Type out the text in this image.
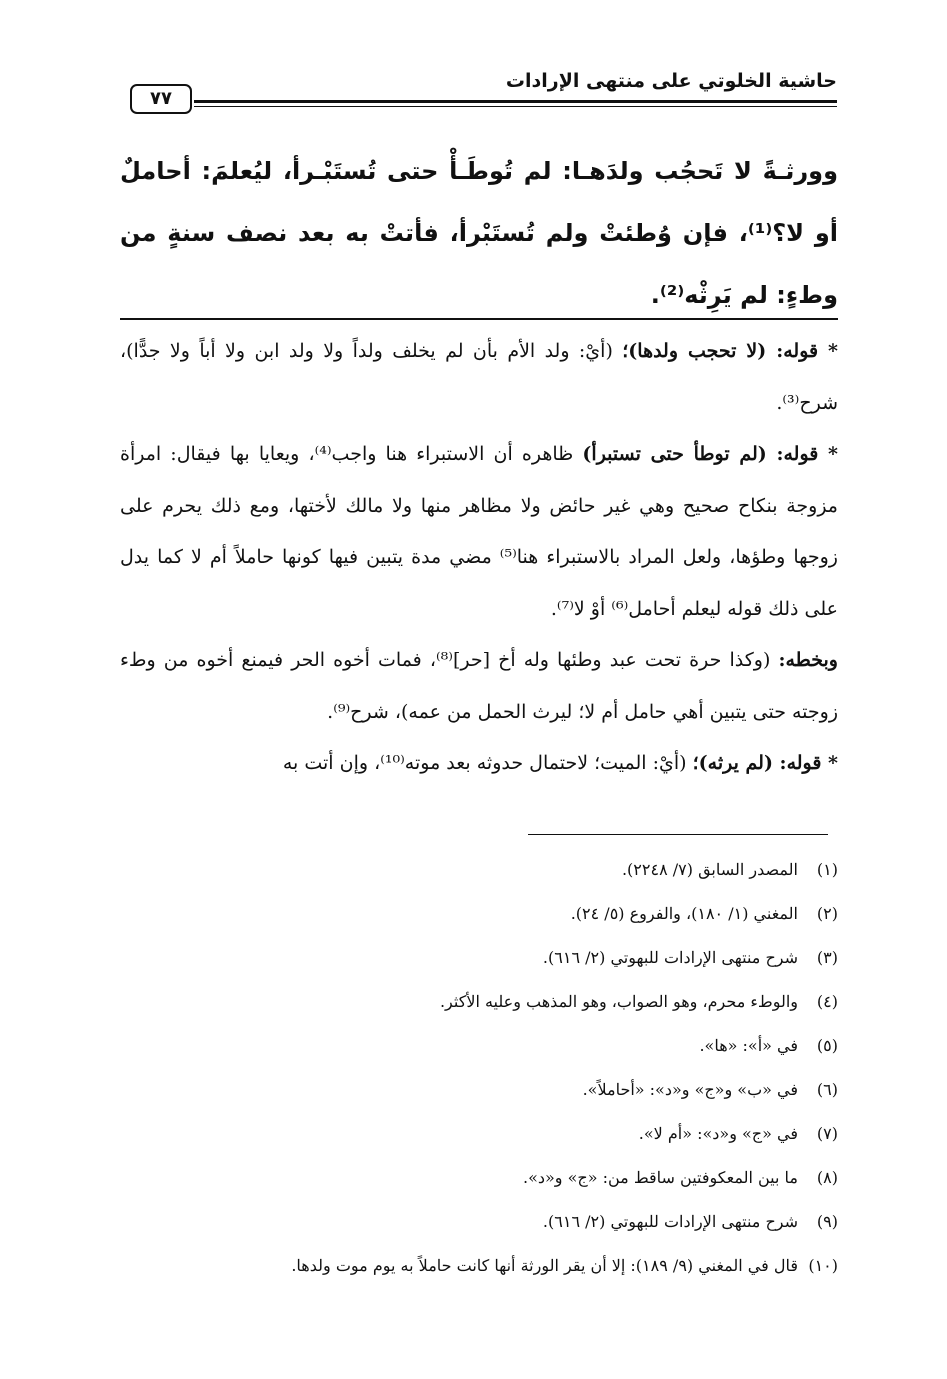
٧٧
حاشية الخلوتي على منتهى الإرادات
وورثـةً لا تَحجُب ولدَهـا: لم تُوطَـأْ حتى تُستَبْـرأ، ليُعلمَ: أحاملٌ أو لا؟⁽¹⁾، فإن وُطئتْ ولم تُستَبْرأ، فأتتْ به بعد نصف سنةٍ من وطءٍ: لم يَرِثْه⁽²⁾.

* قوله: (لا تحجب ولدها)؛ (أيْ: ولد الأم بأن لم يخلف ولداً ولا ولد ابن ولا أباً ولا جدًّا)، شرح⁽³⁾.

* قوله: (لم توطأ حتى تستبرأ) ظاهره أن الاستبراء هنا واجب⁽⁴⁾، ويعايا بها فيقال: امرأة مزوجة بنكاح صحيح وهي غير حائض ولا مظاهر منها ولا مالك لأختها، ومع ذلك يحرم على زوجها وطؤها، ولعل المراد بالاستبراء هنا⁽⁵⁾ مضي مدة يتبين فيها كونها حاملاً أم لا كما يدل على ذلك قوله ليعلم أحامل⁽⁶⁾ أوْ لا⁽⁷⁾.

وبخطه: (وكذا حرة تحت عبد وطئها وله أخ [حر]⁽⁸⁾، فمات أخوه الحر فيمنع أخوه من وطء زوجته حتى يتبين أهي حامل أم لا؛ ليرث الحمل من عمه)، شرح⁽⁹⁾.

* قوله: (لم يرثه)؛ (أيْ: الميت؛ لاحتمال حدوثه بعد موته⁽¹⁰⁾، وإن أتت به

(١)المصدر السابق (٧/ ٢٢٤٨).
(٢)المغني (١/ ١٨٠)، والفروع (٥/ ٢٤).
(٣)شرح منتهى الإرادات للبهوتي (٢/ ٦١٦).
(٤)والوطء محرم، وهو الصواب، وهو المذهب وعليه الأكثر.
(٥)في «أ»: «ها».
(٦)في «ب» و«ج» و«د»: «أحاملاً».
(٧)في «ج» و«د»: «أم لا».
(٨)ما بين المعكوفتين ساقط من: «ج» و«د».
(٩)شرح منتهى الإرادات للبهوتي (٢/ ٦١٦).
(١٠)قال في المغني (٩/ ١٨٩): إلا أن يقر الورثة أنها كانت حاملاً به يوم موت ولدها.
